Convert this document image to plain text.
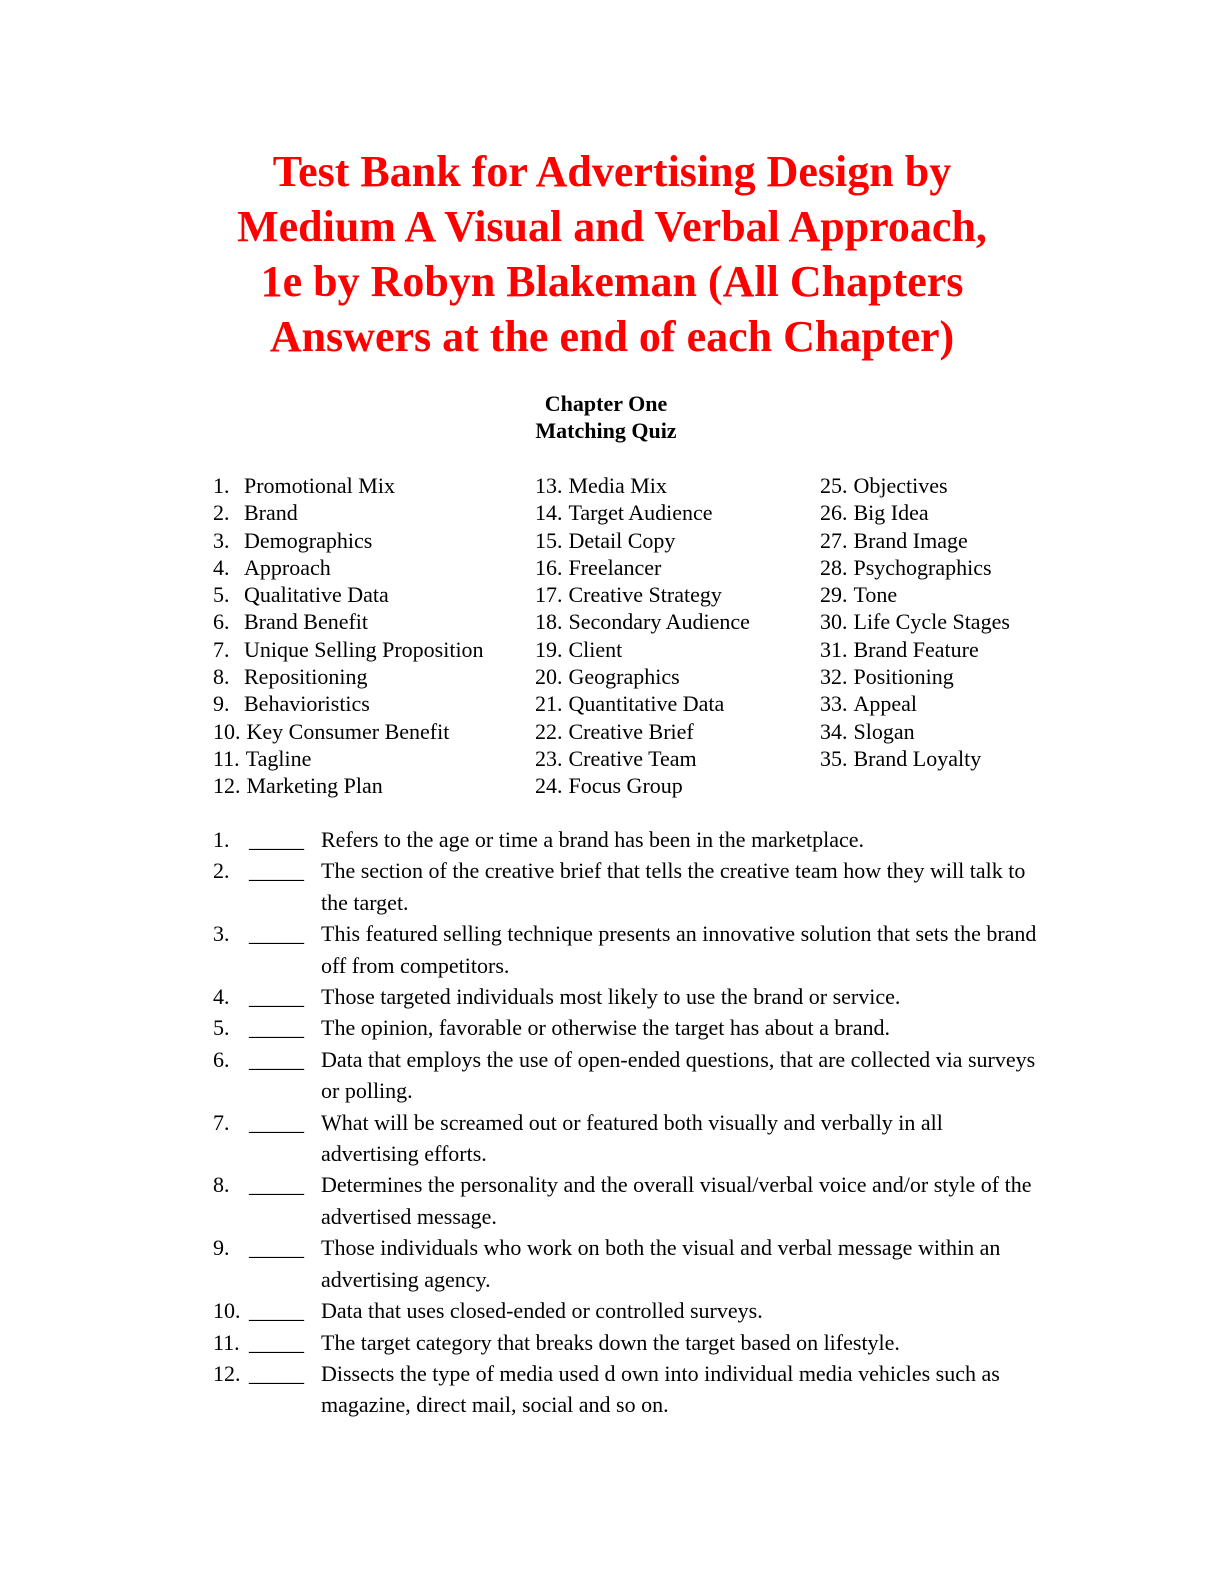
Test Bank for Advertising Design by
Medium A Visual and Verbal Approach,
1e by Robyn Blakeman (All Chapters
Answers at the end of each Chapter)
Chapter One
Matching Quiz
1. Promotional Mix
2. Brand
3. Demographics
4. Approach
5. Qualitative Data
6. Brand Benefit
7. Unique Selling Proposition
8. Repositioning
9. Behavioristics
10. Key Consumer Benefit
11. Tagline
12. Marketing Plan
13. Media Mix
14. Target Audience
15. Detail Copy
16. Freelancer
17. Creative Strategy
18. Secondary Audience
19. Client
20. Geographics
21. Quantitative Data
22. Creative Brief
23. Creative Team
24. Focus Group
25. Objectives
26. Big Idea
27. Brand Image
28. Psychographics
29. Tone
30. Life Cycle Stages
31. Brand Feature
32. Positioning
33. Appeal
34. Slogan
35. Brand Loyalty
1. _____ Refers to the age or time a brand has been in the marketplace.
2. _____ The section of the creative brief that tells the creative team how they will talk to the target.
3. _____ This featured selling technique presents an innovative solution that sets the brand off from competitors.
4. _____ Those targeted individuals most likely to use the brand or service.
5. _____ The opinion, favorable or otherwise the target has about a brand.
6. _____ Data that employs the use of open-ended questions, that are collected via surveys or polling.
7. _____ What will be screamed out or featured both visually and verbally in all advertising efforts.
8. _____ Determines the personality and the overall visual/verbal voice and/or style of the advertised message.
9. _____ Those individuals who work on both the visual and verbal message within an advertising agency.
10. _____ Data that uses closed-ended or controlled surveys.
11. _____ The target category that breaks down the target based on lifestyle.
12. _____ Dissects the type of media used d own into individual media vehicles such as magazine, direct mail, social and so on.
